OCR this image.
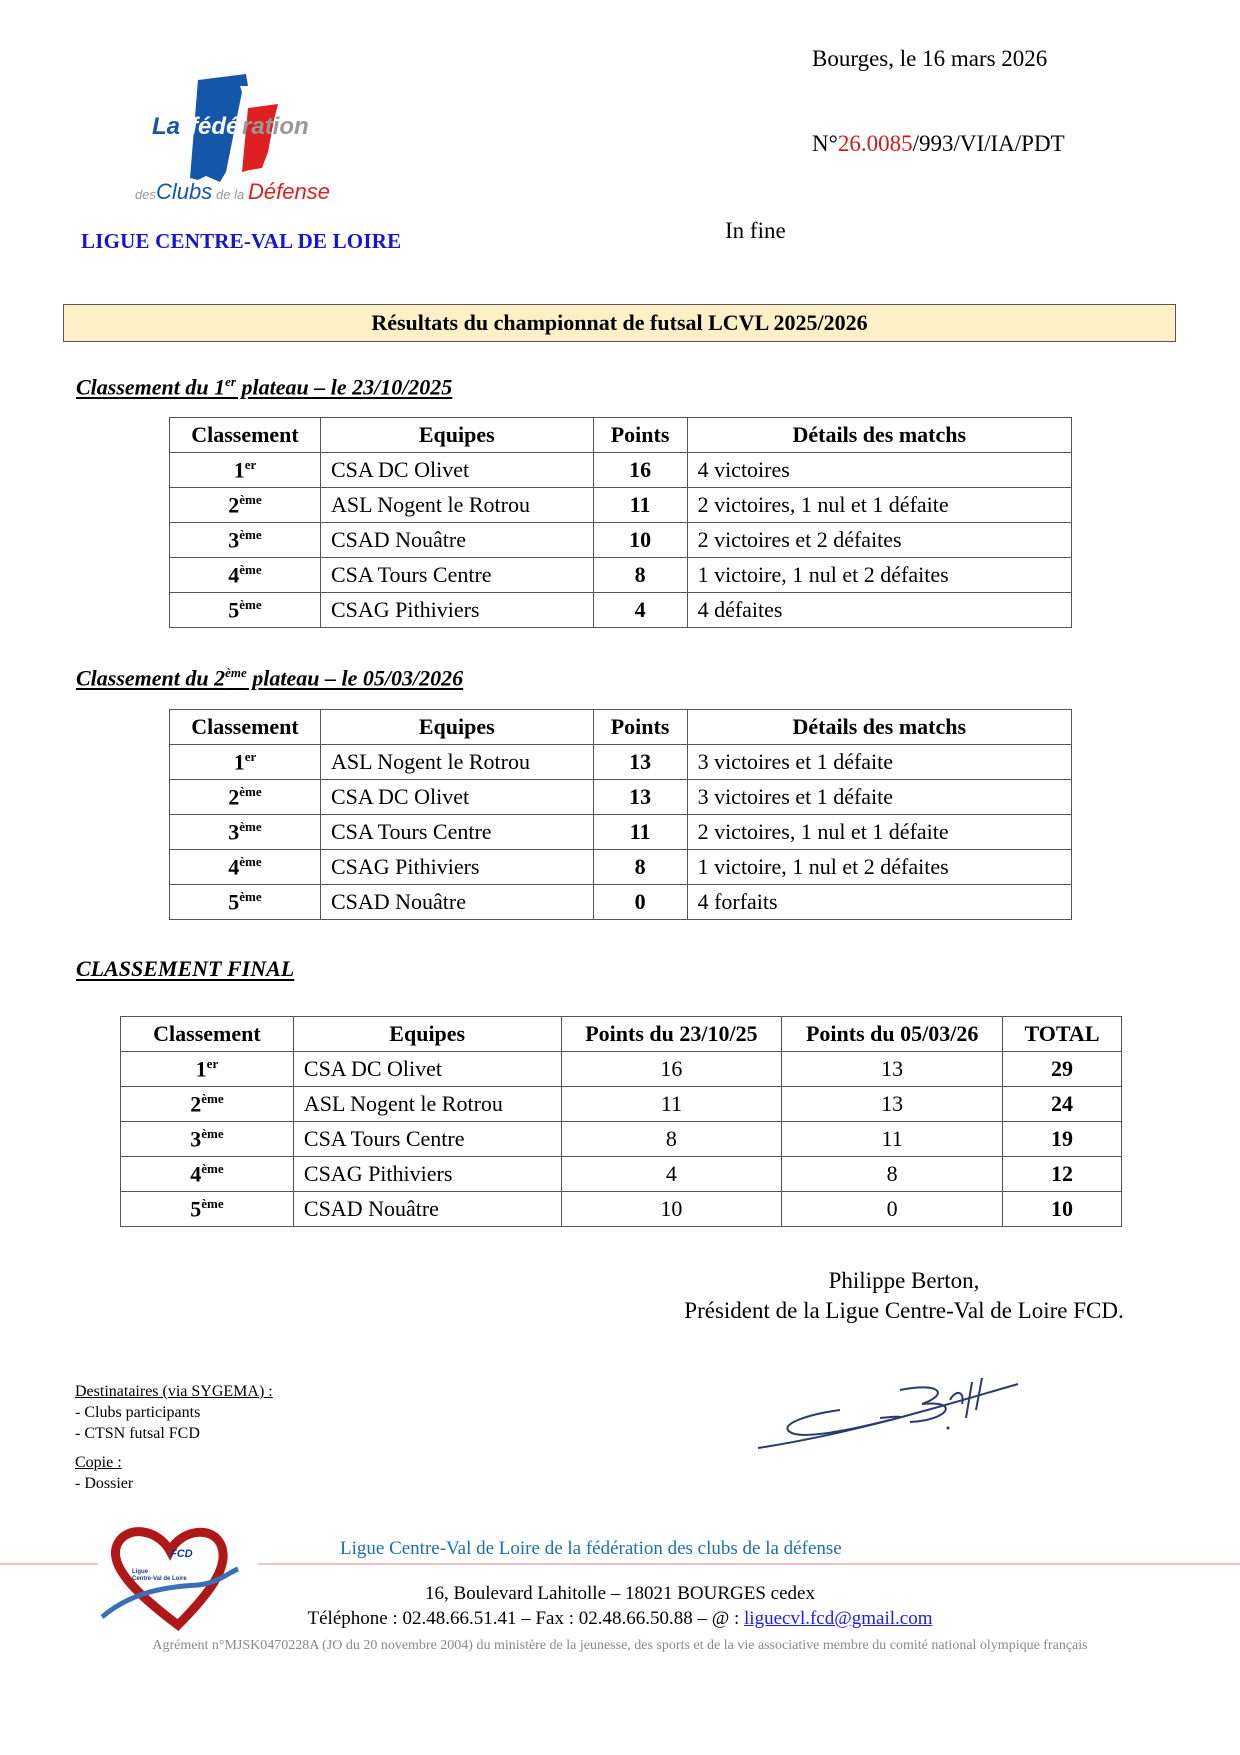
La fédé ration
des Clubs de la Défense
LIGUE CENTRE-VAL DE LOIRE
Bourges, le 16 mars 2026
N°26.0085/993/VI/IA/PDT
In fine
Résultats du championnat de futsal LCVL 2025/2026
Classement du 1er plateau – le 23/10/2025
Classement	Equipes	Points	Détails des matchs
1er	CSA DC Olivet	16	4 victoires
2ème	ASL Nogent le Rotrou	11	2 victoires, 1 nul et 1 défaite
3ème	CSAD Nouâtre	10	2 victoires et 2 défaites
4ème	CSA Tours Centre	8	1 victoire, 1 nul et 2 défaites
5ème	CSAG Pithiviers	4	4 défaites
Classement du 2ème plateau – le 05/03/2026
Classement	Equipes	Points	Détails des matchs
1er	ASL Nogent le Rotrou	13	3 victoires et 1 défaite
2ème	CSA DC Olivet	13	3 victoires et 1 défaite
3ème	CSA Tours Centre	11	2 victoires, 1 nul et 1 défaite
4ème	CSAG Pithiviers	8	1 victoire, 1 nul et 2 défaites
5ème	CSAD Nouâtre	0	4 forfaits
CLASSEMENT FINAL
Classement	Equipes	Points du 23/10/25	Points du 05/03/26	TOTAL
1er	CSA DC Olivet	16	13	29
2ème	ASL Nogent le Rotrou	11	13	24
3ème	CSA Tours Centre	8	11	19
4ème	CSAG Pithiviers	4	8	12
5ème	CSAD Nouâtre	10	0	10
Philippe Berton,
Président de la Ligue Centre-Val de Loire FCD.
Destinataires (via SYGEMA) :
- Clubs participants
- CTSN futsal FCD
Copie :
- Dossier
FCD
Ligue
Centre-Val de Loire
Ligue Centre-Val de Loire de la fédération des clubs de la défense
16, Boulevard Lahitolle – 18021 BOURGES cedex
Téléphone : 02.48.66.51.41 – Fax : 02.48.66.50.88 – @ : liguecvl.fcd@gmail.com
Agrément n°MJSK0470228A (JO du 20 novembre 2004) du ministère de la jeunesse, des sports et de la vie associative membre du comité national olympique français
